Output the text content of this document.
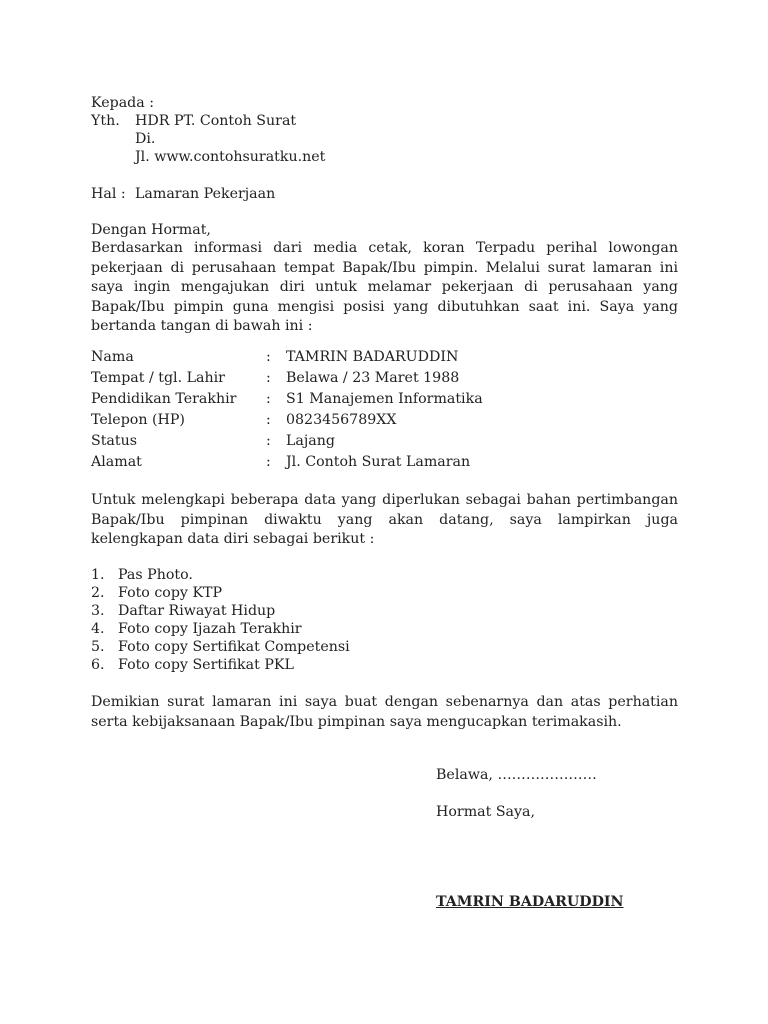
Kepada :
Yth. HDR PT. Contoh Surat
Di.
Jl. www.contohsuratku.net
Hal : Lamaran Pekerjaan
Dengan Hormat,
Berdasarkan informasi dari media cetak, koran Terpadu perihal lowongan pekerjaan di perusahaan tempat Bapak/Ibu pimpin. Melalui surat lamaran ini saya ingin mengajukan diri untuk melamar pekerjaan di perusahaan yang Bapak/Ibu pimpin guna mengisi posisi yang dibutuhkan saat ini. Saya yang bertanda tangan di bawah ini :
Nama	: TAMRIN BADARUDDIN
Tempat / tgl. Lahir	: Belawa / 23 Maret 1988
Pendidikan Terakhir : S1 Manajemen Informatika
Telepon (HP)	: 0823456789XX
Status	: Lajang
Alamat	: Jl. Contoh Surat Lamaran
Untuk melengkapi beberapa data yang diperlukan sebagai bahan pertimbangan Bapak/Ibu pimpinan diwaktu yang akan datang, saya lampirkan juga kelengkapan data diri sebagai berikut :
1. Pas Photo.
2. Foto copy KTP
3. Daftar Riwayat Hidup
4. Foto copy Ijazah Terakhir
5. Foto copy Sertifikat Competensi
6. Foto copy Sertifikat PKL
Demikian surat lamaran ini saya buat dengan sebenarnya dan atas perhatian serta kebijaksanaan Bapak/Ibu pimpinan saya mengucapkan terimakasih.
Belawa, …………………
Hormat Saya,
TAMRIN BADARUDDIN
